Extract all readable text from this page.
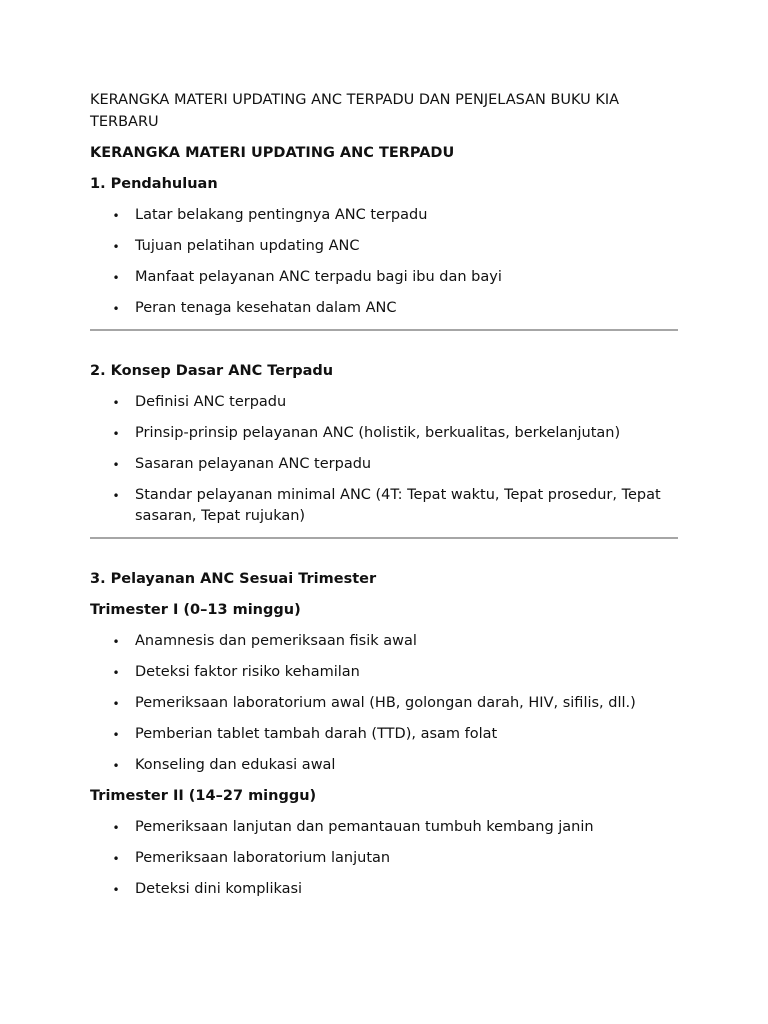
KERANGKA MATERI UPDATING ANC TERPADU DAN PENJELASAN BUKU KIA TERBARU
KERANGKA MATERI UPDATING ANC TERPADU
1. Pendahuluan
• Latar belakang pentingnya ANC terpadu
• Tujuan pelatihan updating ANC
• Manfaat pelayanan ANC terpadu bagi ibu dan bayi
• Peran tenaga kesehatan dalam ANC
2. Konsep Dasar ANC Terpadu
• Definisi ANC terpadu
• Prinsip-prinsip pelayanan ANC (holistik, berkualitas, berkelanjutan)
• Sasaran pelayanan ANC terpadu
• Standar pelayanan minimal ANC (4T: Tepat waktu, Tepat prosedur, Tepat sasaran, Tepat rujukan)
3. Pelayanan ANC Sesuai Trimester
Trimester I (0–13 minggu)
• Anamnesis dan pemeriksaan fisik awal
• Deteksi faktor risiko kehamilan
• Pemeriksaan laboratorium awal (HB, golongan darah, HIV, sifilis, dll.)
• Pemberian tablet tambah darah (TTD), asam folat
• Konseling dan edukasi awal
Trimester II (14–27 minggu)
• Pemeriksaan lanjutan dan pemantauan tumbuh kembang janin
• Pemeriksaan laboratorium lanjutan
• Deteksi dini komplikasi
